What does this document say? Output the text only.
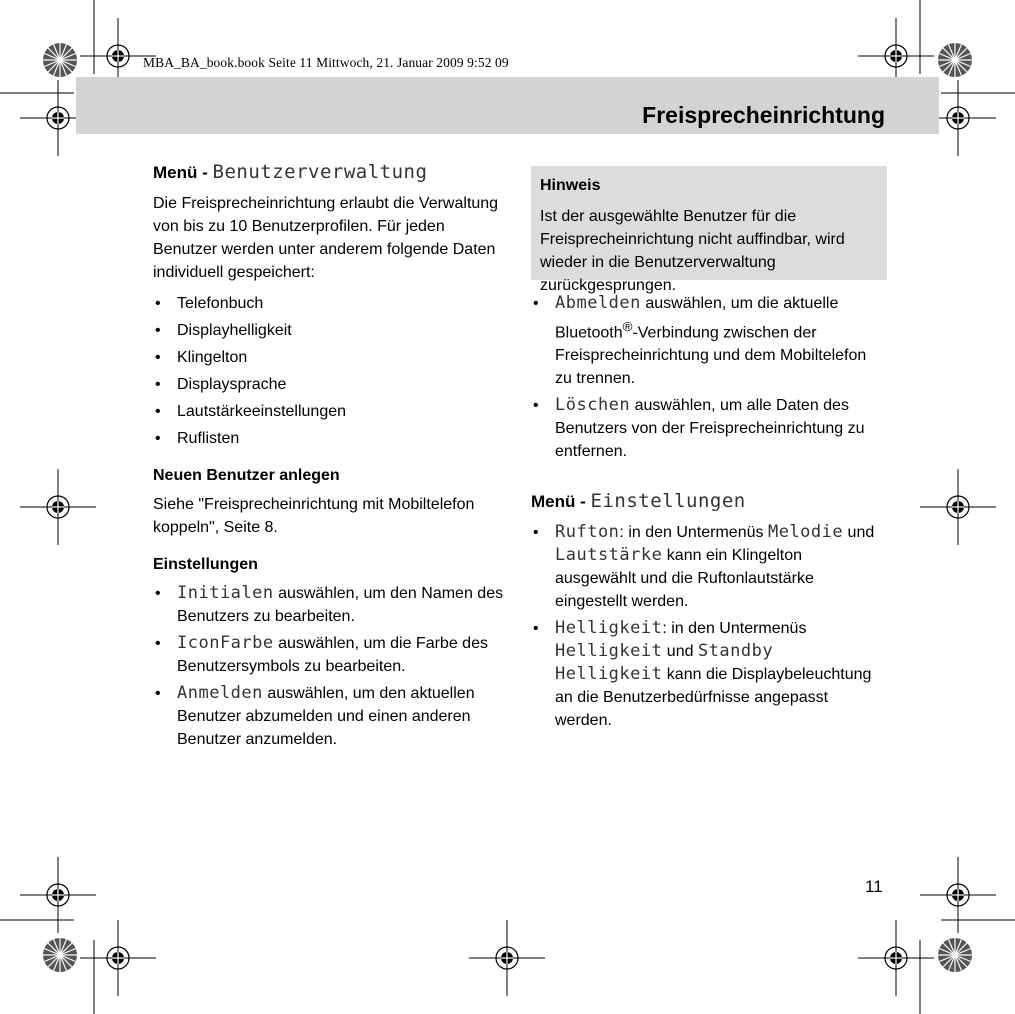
MBA_BA_book.book Seite 11 Mittwoch, 21. Januar 2009 9:52 09
Freisprecheinrichtung
Menü - Benutzerverwaltung

Die Freisprecheinrichtung erlaubt die Verwaltung von bis zu 10 Benutzerprofilen. Für jeden Benutzer werden unter anderem folgende Daten individuell gespeichert:

• Telefonbuch
• Displayhelligkeit
• Klingelton
• Displaysprache
• Lautstärkeeinstellungen
• Ruflisten
Neuen Benutzer anlegen

Siehe "Freisprecheinrichtung mit Mobiltelefon koppeln", Seite 8.

Einstellungen
• Initialen auswählen, um den Namen des Benutzers zu bearbeiten.
• IconFarbe auswählen, um die Farbe des Benutzersymbols zu bearbeiten.
• Anmelden auswählen, um den aktuellen Benutzer abzumelden und einen anderen Benutzer anzumelden.
Hinweis
Ist der ausgewählte Benutzer für die Freisprecheinrichtung nicht auffindbar, wird wieder in die Benutzerverwaltung zurückgesprungen.
• Abmelden auswählen, um die aktuelle Bluetooth®-Verbindung zwischen der Freisprecheinrichtung und dem Mobiltelefon zu trennen.
• Löschen auswählen, um alle Daten des Benutzers von der Freisprecheinrichtung zu entfernen.
Menü - Einstellungen
• Rufton: in den Untermenüs Melodie und Lautstärke kann ein Klingelton ausgewählt und die Ruftonlautstärke eingestellt werden.
• Helligkeit: in den Untermenüs Helligkeit und Standby Helligkeit kann die Displaybeleuchtung an die Benutzerbedürfnisse angepasst werden.
11
